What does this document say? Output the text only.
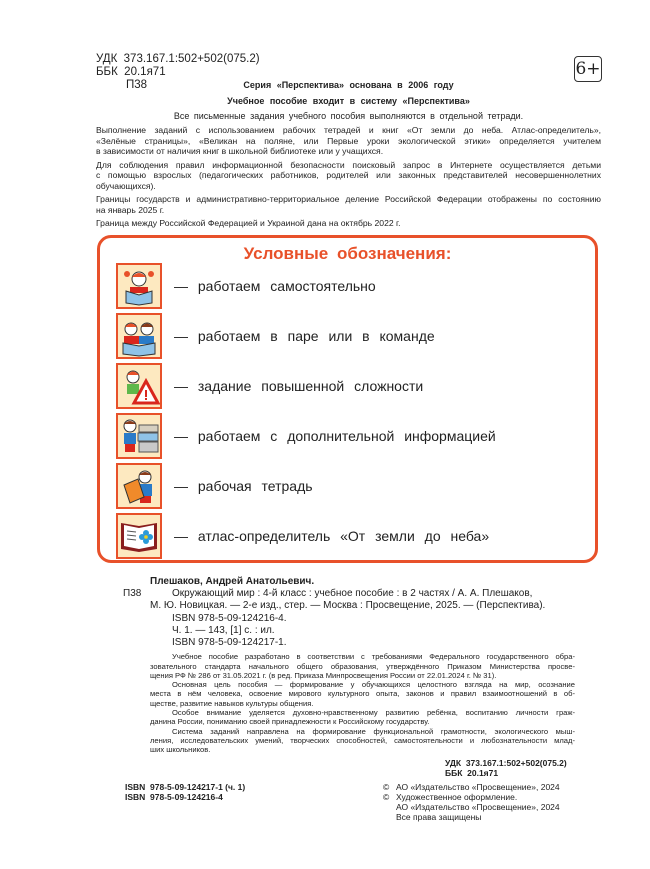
УДК  373.167.1:502+502(075.2)
ББК  20.1я71
П38	Серия «Перспектива» основана в 2006 году
Учебное пособие входит в систему «Перспектива»
Все письменные задания учебного пособия выполняются в отдельной тетради.
Выполнение заданий с использованием рабочих тетрадей и книг «От земли до неба. Атлас-определитель»,
«Зелёные страницы», «Великан на поляне, или Первые уроки экологической этики» определяется учителем
в зависимости от наличия книг в школьной библиотеке или у учащихся.
Для соблюдения правил информационной безопасности поисковый запрос в Интернете осуществляется детьми
с помощью взрослых (педагогических работников, родителей или законных представителей несовершеннолетних
обучающихся).
Границы государств и административно-территориальное деление Российской Федерации отображены по состоянию
на январь 2025 г.
Граница между Российской Федерацией и Украиной дана на октябрь 2022 г.
6+
Условные обозначения:
— работаем самостоятельно
— работаем в паре или в команде
— задание повышенной сложности
— работаем с дополнительной информацией
— рабочая тетрадь
— атлас-определитель «От земли до неба»
П38
Плешаков, Андрей Анатольевич.
Окружающий мир : 4-й класс : учебное пособие : в 2 частях / А. А. Плешаков,
М. Ю. Новицкая. — 2-е изд., стер. — Москва : Просвещение, 2025. — (Перспектива).
ISBN 978-5-09-124216-4.
Ч. 1. — 143, [1] с. : ил.
ISBN 978-5-09-124217-1.
Учебное пособие разработано в соответствии с требованиями Федерального государственного обра-
зовательного стандарта начального общего образования, утверждённого Приказом Министерства просве-
щения РФ № 286 от 31.05.2021 г. (в ред. Приказа Минпросвещения России от 22.01.2024 г. № 31).
Основная цель пособия — формирование у обучающихся целостного взгляда на мир, осознание
места в нём человека, освоение мирового культурного опыта, законов и правил взаимоотношений в об-
ществе, развитие навыков культуры общения.
Особое внимание уделяется духовно-нравственному развитию ребёнка, воспитанию личности граж-
данина России, пониманию своей принадлежности к Российскому государству.
Система заданий направлена на формирование функциональной грамотности, экологического мыш-
ления, исследовательских умений, творческих способностей, самостоятельности и любознательности млад-
ших школьников.
УДК  373.167.1:502+502(075.2)
ББК  20.1я71
ISBN  978-5-09-124217-1 (ч. 1)
ISBN  978-5-09-124216-4
© АО «Издательство «Просвещение», 2024
© Художественное оформление.
АО «Издательство «Просвещение», 2024
Все права защищены
